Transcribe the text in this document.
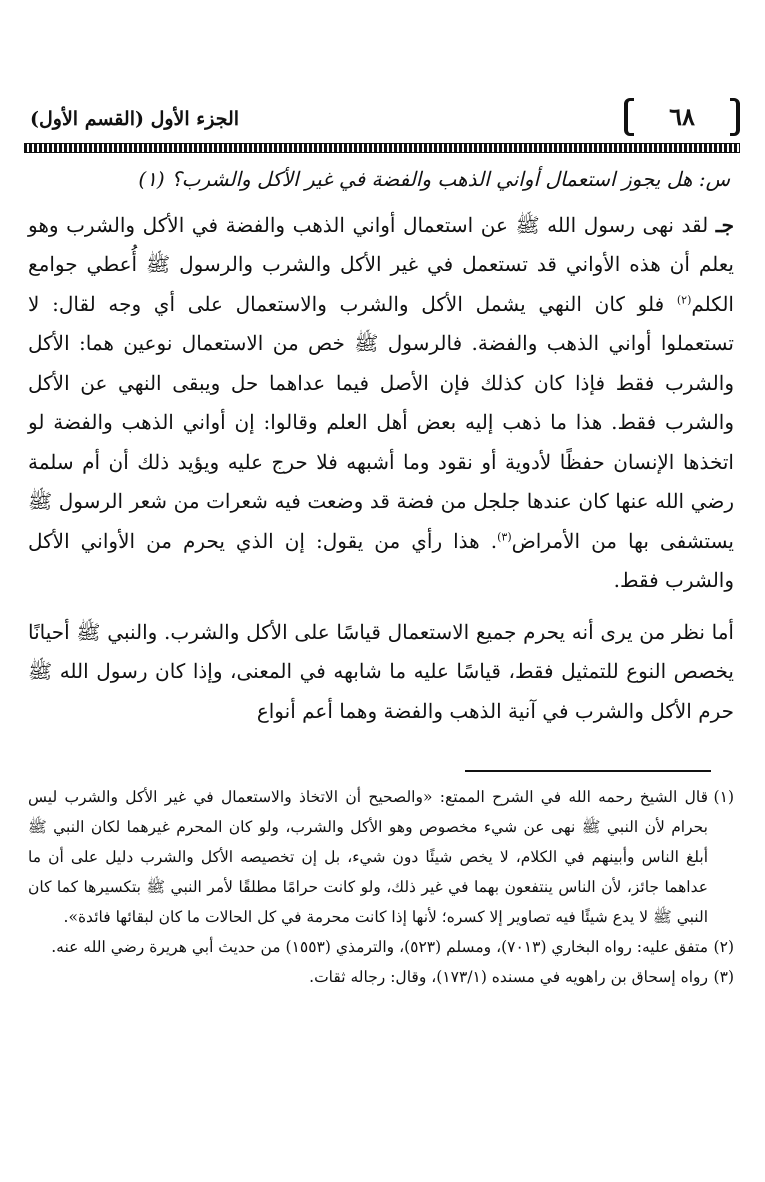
٦٨
الجزء الأول (القسم الأول)

س: هل يجوز استعمال أواني الذهب والفضة في غير الأكل والشرب؟ (١)

جـ لقد نهى رسول الله ﷺ عن استعمال أواني الذهب والفضة في الأكل والشرب وهو يعلم أن هذه الأواني قد تستعمل في غير الأكل والشرب والرسول ﷺ أُعطي جوامع الكلم$^{(٢)}$ فلو كان النهي يشمل الأكل والشرب والاستعمال على أي وجه لقال: لا تستعملوا أواني الذهب والفضة. فالرسول ﷺ خص من الاستعمال نوعين هما: الأكل والشرب فقط فإذا كان كذلك فإن الأصل فيما عداهما حل ويبقى النهي عن الأكل والشرب فقط. هذا ما ذهب إليه بعض أهل العلم وقالوا: إن أواني الذهب والفضة لو اتخذها الإنسان حفظًا لأدوية أو نقود وما أشبهه فلا حرج عليه ويؤيد ذلك أن أم سلمة رضي الله عنها كان عندها جلجل من فضة قد وضعت فيه شعرات من شعر الرسول ﷺ يستشفى بها من الأمراض$^{(٣)}$. هذا رأي من يقول: إن الذي يحرم من الأواني الأكل والشرب فقط.

أما نظر من يرى أنه يحرم جميع الاستعمال قياسًا على الأكل والشرب. والنبي ﷺ أحيانًا يخصص النوع للتمثيل فقط، قياسًا عليه ما شابهه في المعنى، وإذا كان رسول الله ﷺ حرم الأكل والشرب في آنية الذهب والفضة وهما أعم أنواع

(١)قال الشيخ رحمه الله في الشرح الممتع: «والصحيح أن الاتخاذ والاستعمال في غير الأكل والشرب ليس بحرام لأن النبي ﷺ نهى عن شيء مخصوص وهو الأكل والشرب، ولو كان المحرم غيرهما لكان النبي ﷺ أبلغ الناس وأبينهم في الكلام، لا يخص شيئًا دون شيء، بل إن تخصيصه الأكل والشرب دليل على أن ما عداهما جائز، لأن الناس ينتفعون بهما في غير ذلك، ولو كانت حرامًا مطلقًا لأمر النبي ﷺ بتكسيرها كما كان النبي ﷺ لا يدع شيئًا فيه تصاوير إلا كسره؛ لأنها إذا كانت محرمة في كل الحالات ما كان لبقائها فائدة».

(٢)متفق عليه: رواه البخاري (٧٠١٣)، ومسلم (٥٢٣)، والترمذي (١٥٥٣) من حديث أبي هريرة رضي الله عنه.

(٣)رواه إسحاق بن راهويه في مسنده (١٧٣/١)، وقال: رجاله ثقات.
